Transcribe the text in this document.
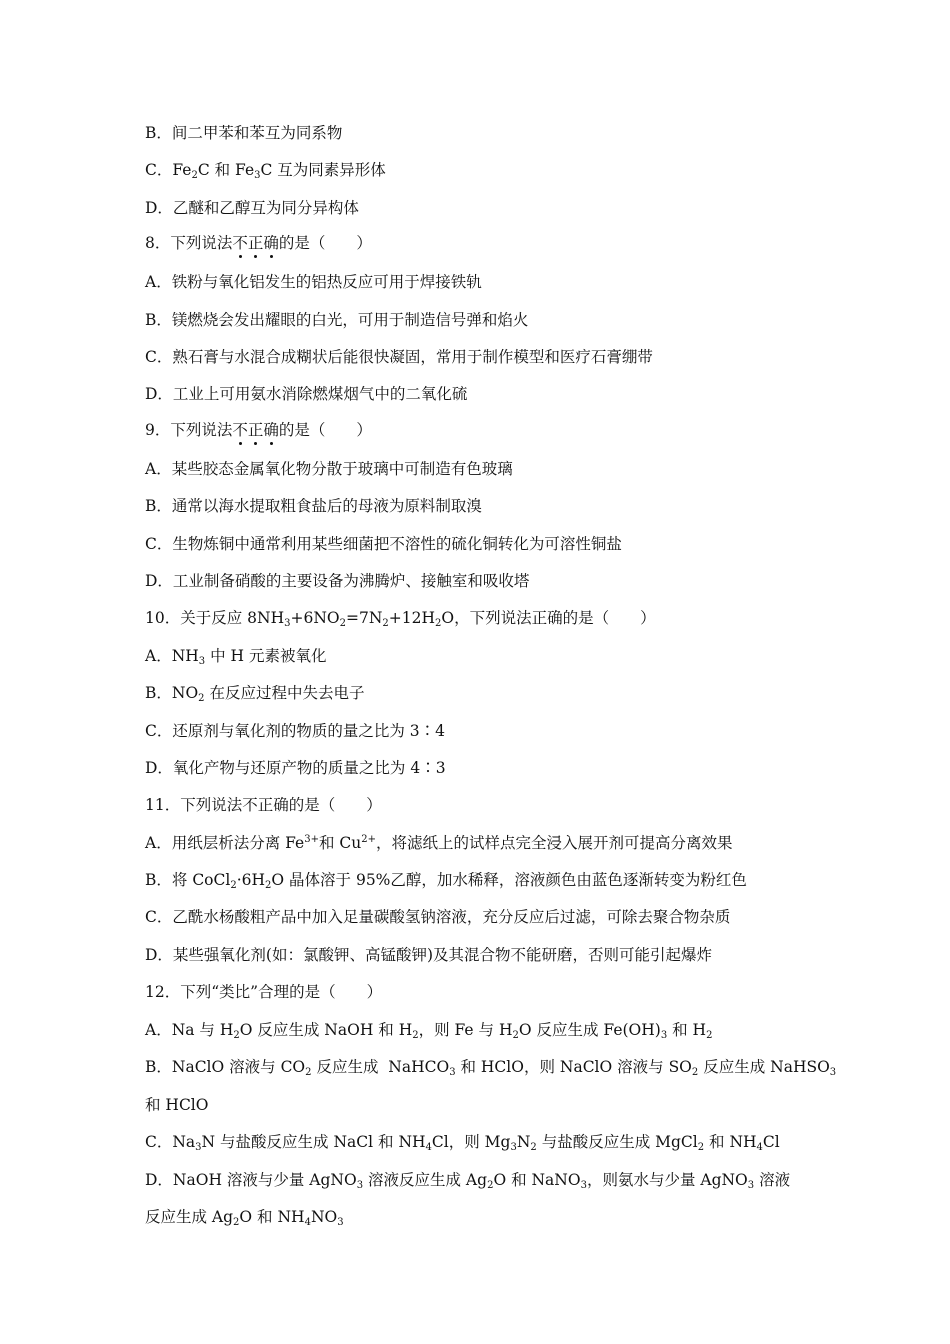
B．间二甲苯和苯互为同系物
C．$Fe_2C$ 和 $Fe_3C$ 互为同素异形体
D．乙醚和乙醇互为同分异构体
8．下列说法不正确的是（　　）
A．铁粉与氧化铝发生的铝热反应可用于焊接铁轨
B．镁燃烧会发出耀眼的白光，可用于制造信号弹和焰火
C．熟石膏与水混合成糊状后能很快凝固，常用于制作模型和医疗石膏绷带
D．工业上可用氨水消除燃煤烟气中的二氧化硫
9．下列说法不正确的是（　　）
A．某些胶态金属氧化物分散于玻璃中可制造有色玻璃
B．通常以海水提取粗食盐后的母液为原料制取溴
C．生物炼铜中通常利用某些细菌把不溶性的硫化铜转化为可溶性铜盐
D．工业制备硝酸的主要设备为沸腾炉、接触室和吸收塔
10．关于反应 $8NH_3+6NO_2=7N_2+12H_2O$，下列说法正确的是（　　）
A．$NH_3$ 中 H 元素被氧化
B．$NO_2$ 在反应过程中失去电子
C．还原剂与氧化剂的物质的量之比为 3∶4
D．氧化产物与还原产物的质量之比为 4∶3
11．下列说法不正确的是（　　）
A．用纸层析法分离 $Fe^{3+}$和 $Cu^{2+}$，将滤纸上的试样点完全浸入展开剂可提高分离效果
B．将 $CoCl_2\cdot 6H_2O$ 晶体溶于 95%乙醇，加水稀释，溶液颜色由蓝色逐渐转变为粉红色
C．乙酰水杨酸粗产品中加入足量碳酸氢钠溶液，充分反应后过滤，可除去聚合物杂质
D．某些强氧化剂(如：氯酸钾、高锰酸钾)及其混合物不能研磨，否则可能引起爆炸
12．下列“类比”合理的是（　　）
A．Na 与 $H_2O$ 反应生成 NaOH 和 $H_2$，则 Fe 与 $H_2O$ 反应生成 $Fe(OH)_3$ 和 $H_2$
B．NaClO 溶液与 $CO_2$ 反应生成  NaHCO$_3$ 和 HClO，则 NaClO 溶液与 $SO_2$ 反应生成 NaHSO$_3$
和 HClO
C．$Na_3N$ 与盐酸反应生成 NaCl 和 $NH_4Cl$，则 $Mg_3N_2$ 与盐酸反应生成 MgCl$_2$ 和 $NH_4Cl$
D．NaOH 溶液与少量 AgNO$_3$ 溶液反应生成 $Ag_2O$ 和 NaNO$_3$，则氨水与少量 AgNO$_3$ 溶液
反应生成 $Ag_2O$ 和 $NH_4NO_3$
